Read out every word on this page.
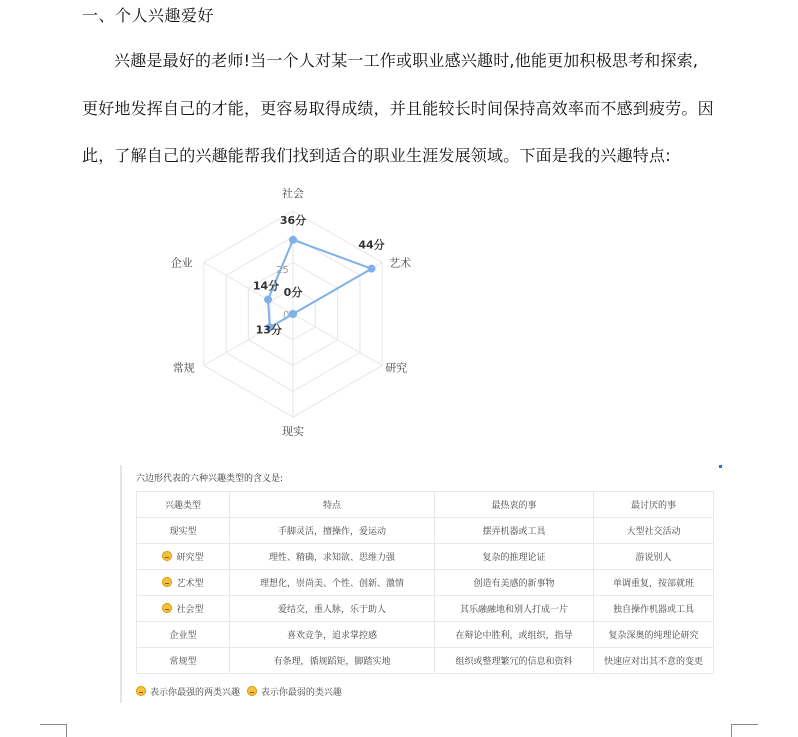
一、个人兴趣爱好
兴趣是最好的老师!当一个人对某一工作或职业感兴趣时,他能更加积极思考和探索,
更好地发挥自己的才能，更容易取得成绩，并且能较长时间保持高效率而不感到疲劳。因
此，了解自己的兴趣能帮我们找到适合的职业生涯发展领域。下面是我的兴趣特点:
25
0
社会
艺术
研究
现实
常规
企业
36分
44分
0分
13分
14分
六边形代表的六种兴趣类型的含义是:
兴趣类型	特点	最热衷的事	最讨厌的事
现实型	手脚灵活，擅操作，爱运动	摆弄机器或工具	大型社交活动
研究型	理性、精确，求知欲、思维力强	复杂的推理论证	游说别人
艺术型	理想化，崇尚美、个性、创新、激情	创造有美感的新事物	单调重复，按部就班
社会型	爱结交，重人脉，乐于助人	其乐融融地和别人打成一片	独自操作机器或工具
企业型	喜欢竞争，追求掌控感	在辩论中胜利，或组织，指导	复杂深奥的纯理论研究
常规型	有条理，循规蹈矩，脚踏实地	组织或整理繁冗的信息和资料	快速应对出其不意的变更
表示你最强的两类兴趣 表示你最弱的类兴趣
